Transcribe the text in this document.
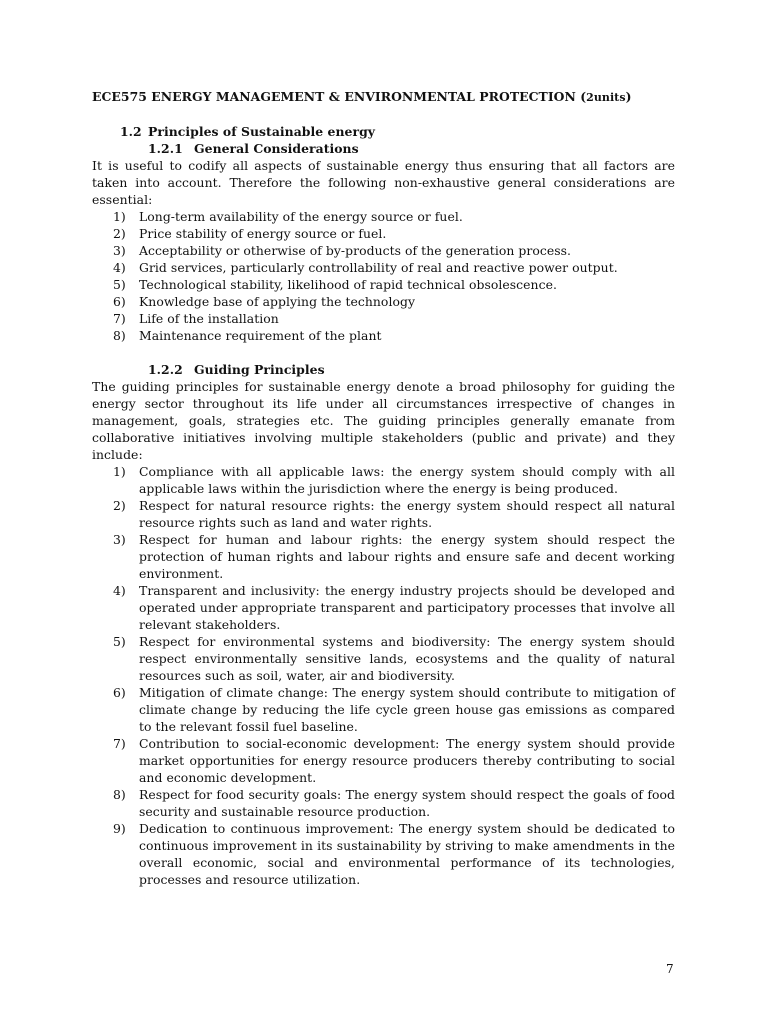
ECE575 ENERGY MANAGEMENT & ENVIRONMENTAL PROTECTION (2units)

1.2 Principles of Sustainable energy

1.2.1 General Considerations

It is useful to codify all aspects of sustainable energy thus ensuring that all factors are taken into account. Therefore the following non-exhaustive general considerations are essential:

1) Long-term availability of the energy source or fuel.
2) Price stability of energy source or fuel.
3) Acceptability or otherwise of by-products of the generation process.
4) Grid services, particularly controllability of real and reactive power output.
5) Technological stability, likelihood of rapid technical obsolescence.
6) Knowledge base of applying the technology
7) Life of the installation
8) Maintenance requirement of the plant

1.2.2 Guiding Principles

The guiding principles for sustainable energy denote a broad philosophy for guiding the energy sector throughout its life under all circumstances irrespective of changes in management, goals, strategies etc. The guiding principles generally emanate from collaborative initiatives involving multiple stakeholders (public and private) and they include:

1) Compliance with all applicable laws: the energy system should comply with all applicable laws within the jurisdiction where the energy is being produced.
2) Respect for natural resource rights: the energy system should respect all natural resource rights such as land and water rights.
3) Respect for human and labour rights: the energy system should respect the protection of human rights and labour rights and ensure safe and decent working environment.
4) Transparent and inclusivity: the energy industry projects should be developed and operated under appropriate transparent and participatory processes that involve all relevant stakeholders.
5) Respect for environmental systems and biodiversity: The energy system should respect environmentally sensitive lands, ecosystems and the quality of natural resources such as soil, water, air and biodiversity.
6) Mitigation of climate change: The energy system should contribute to mitigation of climate change by reducing the life cycle green house gas emissions as compared to the relevant fossil fuel baseline.
7) Contribution to social-economic development: The energy system should provide market opportunities for energy resource producers thereby contributing to social and economic development.
8) Respect for food security goals: The energy system should respect the goals of food security and sustainable resource production.
9) Dedication to continuous improvement: The energy system should be dedicated to continuous improvement in its sustainability by striving to make amendments in the overall economic, social and environmental performance of its technologies, processes and resource utilization.
7
